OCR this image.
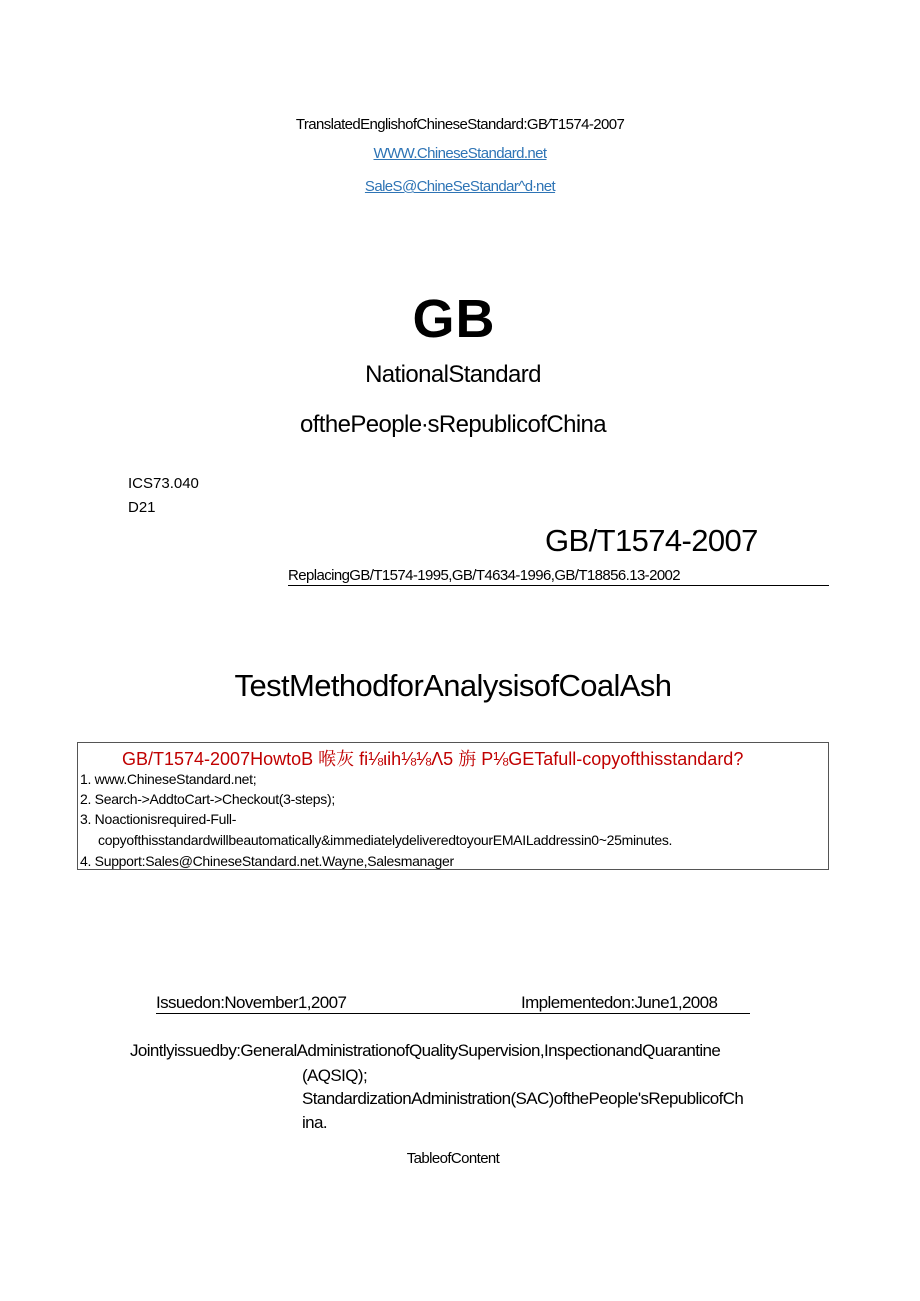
TranslatedEnglishofChineseStandard:GB∕T1574-2007
WWW.ChineseStandard.net
SaleS@ChineSeStandar^d∙net
GB
NationalStandard
ofthePeople∙sRepublicofChina
ICS73.040
D21
GB/T1574-2007
ReplacingGB/T1574-1995,GB/T4634-1996,GB/T18856.13-2002
TestMethodforAnalysisofCoalAsh
GB/T1574-2007HowtoB 喉灰 fi⅛ιih⅛⅛Λ5 旃 P⅛GETafull-copyofthisstandard?
1. www.ChineseStandard.net;
2. Search->AddtoCart->Checkout(3-steps);
3. Noactionisrequired-Full-
copyofthisstandardwillbeautomatically&immediatelydeliveredtoyourEMAILaddressin0~25minutes.
4. Support:Sales@ChineseStandard.net.Wayne,Salesmanager
Issuedon:November1,2007	Implementedon:June1,2008
Jointlyissuedby:GeneralAdministrationofQualitySupervision,InspectionandQuarantine
(AQSIQ);
StandardizationAdministration(SAC)ofthePeople'sRepublicofCh
ina.
TableofContent
